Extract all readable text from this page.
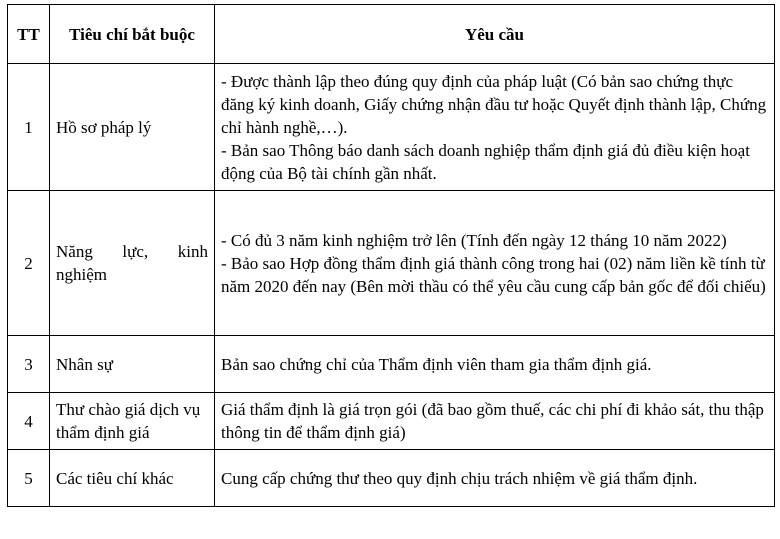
TT	Tiêu chí bắt buộc	Yêu cầu
1	Hồ sơ pháp lý	- Được thành lập theo đúng quy định của pháp luật (Có bản sao chứng thực đăng ký kinh doanh, Giấy chứng nhận đầu tư hoặc Quyết định thành lập, Chứng chỉ hành nghề,…).
- Bản sao Thông báo danh sách doanh nghiệp thẩm định giá đủ điều kiện hoạt động của Bộ tài chính gần nhất.

2	Năng lực, kinh nghiệm	- Có đủ 3 năm kinh nghiệm trở lên (Tính đến ngày 12 tháng 10 năm 2022)
- Bảo sao Hợp đồng thẩm định giá thành công trong hai (02) năm liền kề tính từ năm 2020 đến nay (Bên mời thầu có thể yêu cầu cung cấp bản gốc để đối chiếu)

3	Nhân sự	Bản sao chứng chỉ của Thẩm định viên tham gia thẩm định giá.

4	Thư chào giá dịch vụ thẩm định giá	Giá thẩm định là giá trọn gói (đã bao gồm thuế, các chi phí đi khảo sát, thu thập thông tin để thẩm định giá)

5	Các tiêu chí khác	Cung cấp chứng thư theo quy định chịu trách nhiệm về giá thẩm định.
